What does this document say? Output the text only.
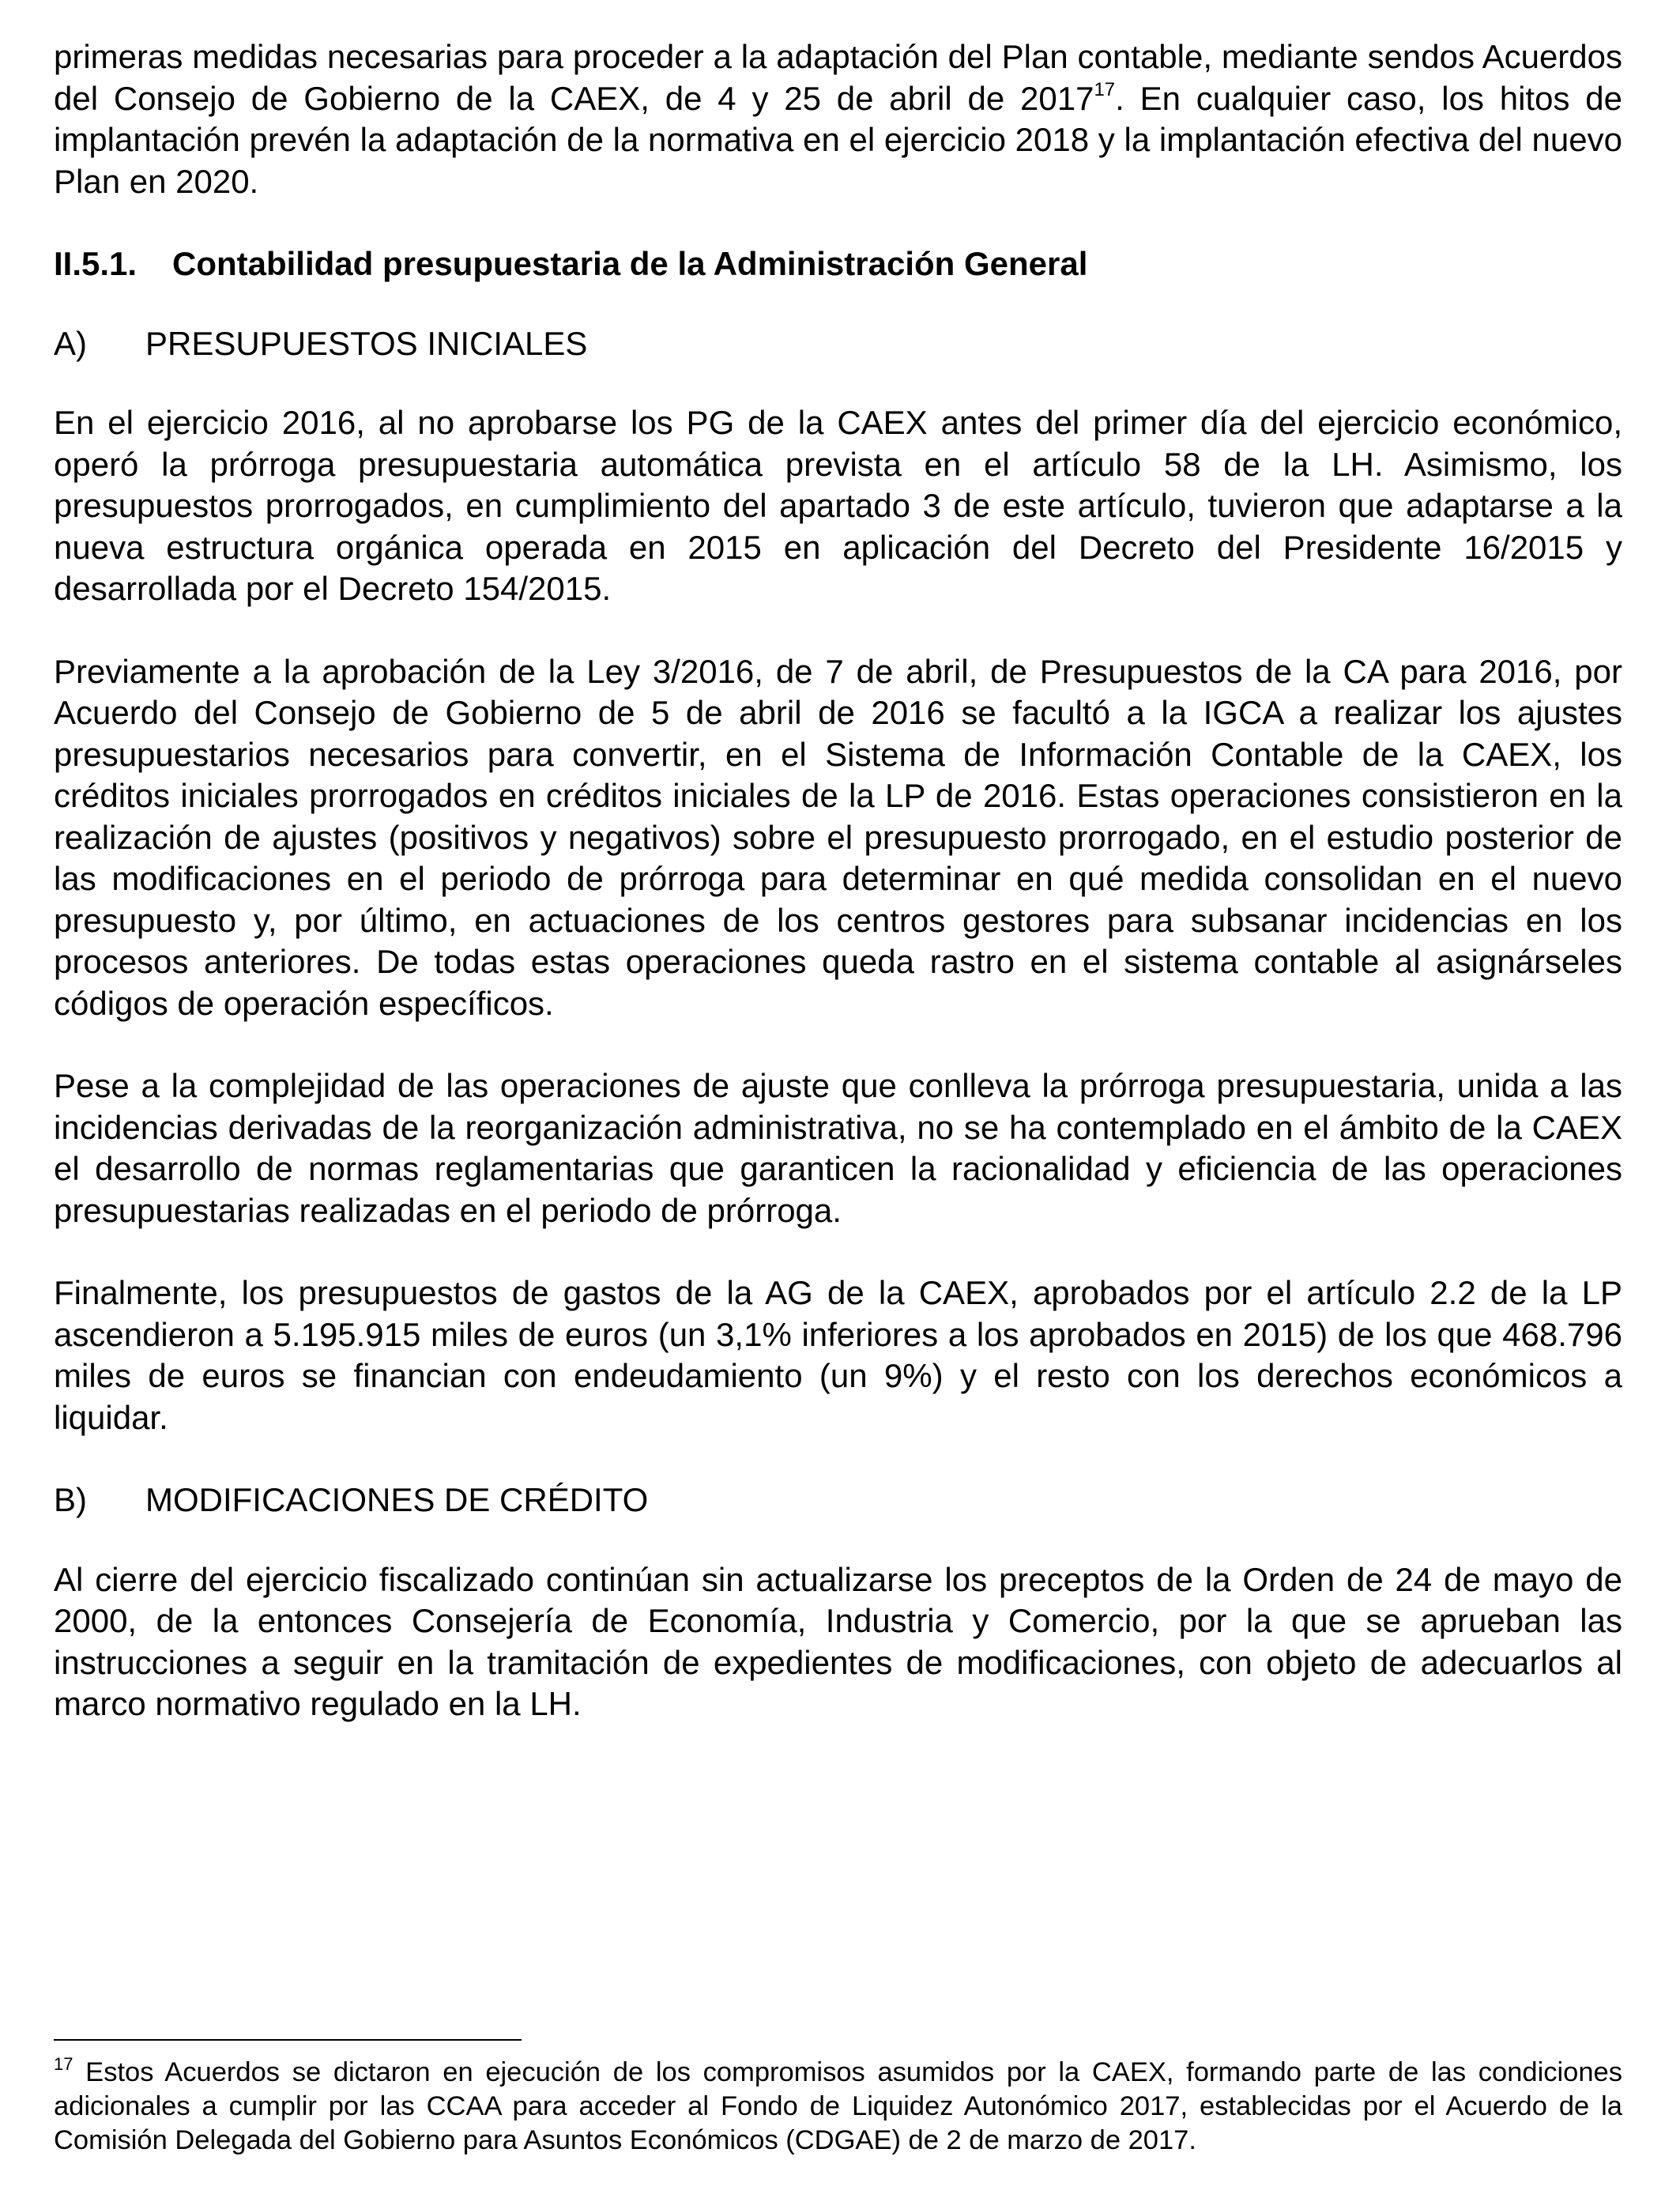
primeras medidas necesarias para proceder a la adaptación del Plan contable, mediante sendos Acuerdos del Consejo de Gobierno de la CAEX, de 4 y 25 de abril de 2017$^{17}$. En cualquier caso, los hitos de implantación prevén la adaptación de la normativa en el ejercicio 2018 y la implantación efectiva del nuevo Plan en 2020.

II.5.1. Contabilidad presupuestaria de la Administración General
A) PRESUPUESTOS INICIALES

En el ejercicio 2016, al no aprobarse los PG de la CAEX antes del primer día del ejercicio económico, operó la prórroga presupuestaria automática prevista en el artículo 58 de la LH. Asimismo, los presupuestos prorrogados, en cumplimiento del apartado 3 de este artículo, tuvieron que adaptarse a la nueva estructura orgánica operada en 2015 en aplicación del Decreto del Presidente 16/2015 y desarrollada por el Decreto 154/2015.

Previamente a la aprobación de la Ley 3/2016, de 7 de abril, de Presupuestos de la CA para 2016, por Acuerdo del Consejo de Gobierno de 5 de abril de 2016 se facultó a la IGCA a realizar los ajustes presupuestarios necesarios para convertir, en el Sistema de Información Contable de la CAEX, los créditos iniciales prorrogados en créditos iniciales de la LP de 2016. Estas operaciones consistieron en la realización de ajustes (positivos y negativos) sobre el presupuesto prorrogado, en el estudio posterior de las modificaciones en el periodo de prórroga para determinar en qué medida consolidan en el nuevo presupuesto y, por último, en actuaciones de los centros gestores para subsanar incidencias en los procesos anteriores. De todas estas operaciones queda rastro en el sistema contable al asignárseles códigos de operación específicos.

Pese a la complejidad de las operaciones de ajuste que conlleva la prórroga presupuestaria, unida a las incidencias derivadas de la reorganización administrativa, no se ha contemplado en el ámbito de la CAEX el desarrollo de normas reglamentarias que garanticen la racionalidad y eficiencia de las operaciones presupuestarias realizadas en el periodo de prórroga.

Finalmente, los presupuestos de gastos de la AG de la CAEX, aprobados por el artículo 2.2 de la LP ascendieron a 5.195.915 miles de euros (un 3,1% inferiores a los aprobados en 2015) de los que 468.796 miles de euros se financian con endeudamiento (un 9%) y el resto con los derechos económicos a liquidar.

B) MODIFICACIONES DE CRÉDITO

Al cierre del ejercicio fiscalizado continúan sin actualizarse los preceptos de la Orden de 24 de mayo de 2000, de la entonces Consejería de Economía, Industria y Comercio, por la que se aprueban las instrucciones a seguir en la tramitación de expedientes de modificaciones, con objeto de adecuarlos al marco normativo regulado en la LH.

$^{17}$ Estos Acuerdos se dictaron en ejecución de los compromisos asumidos por la CAEX, formando parte de las condiciones adicionales a cumplir por las CCAA para acceder al Fondo de Liquidez Autonómico 2017, establecidas por el Acuerdo de la Comisión Delegada del Gobierno para Asuntos Económicos (CDGAE) de 2 de marzo de 2017.
